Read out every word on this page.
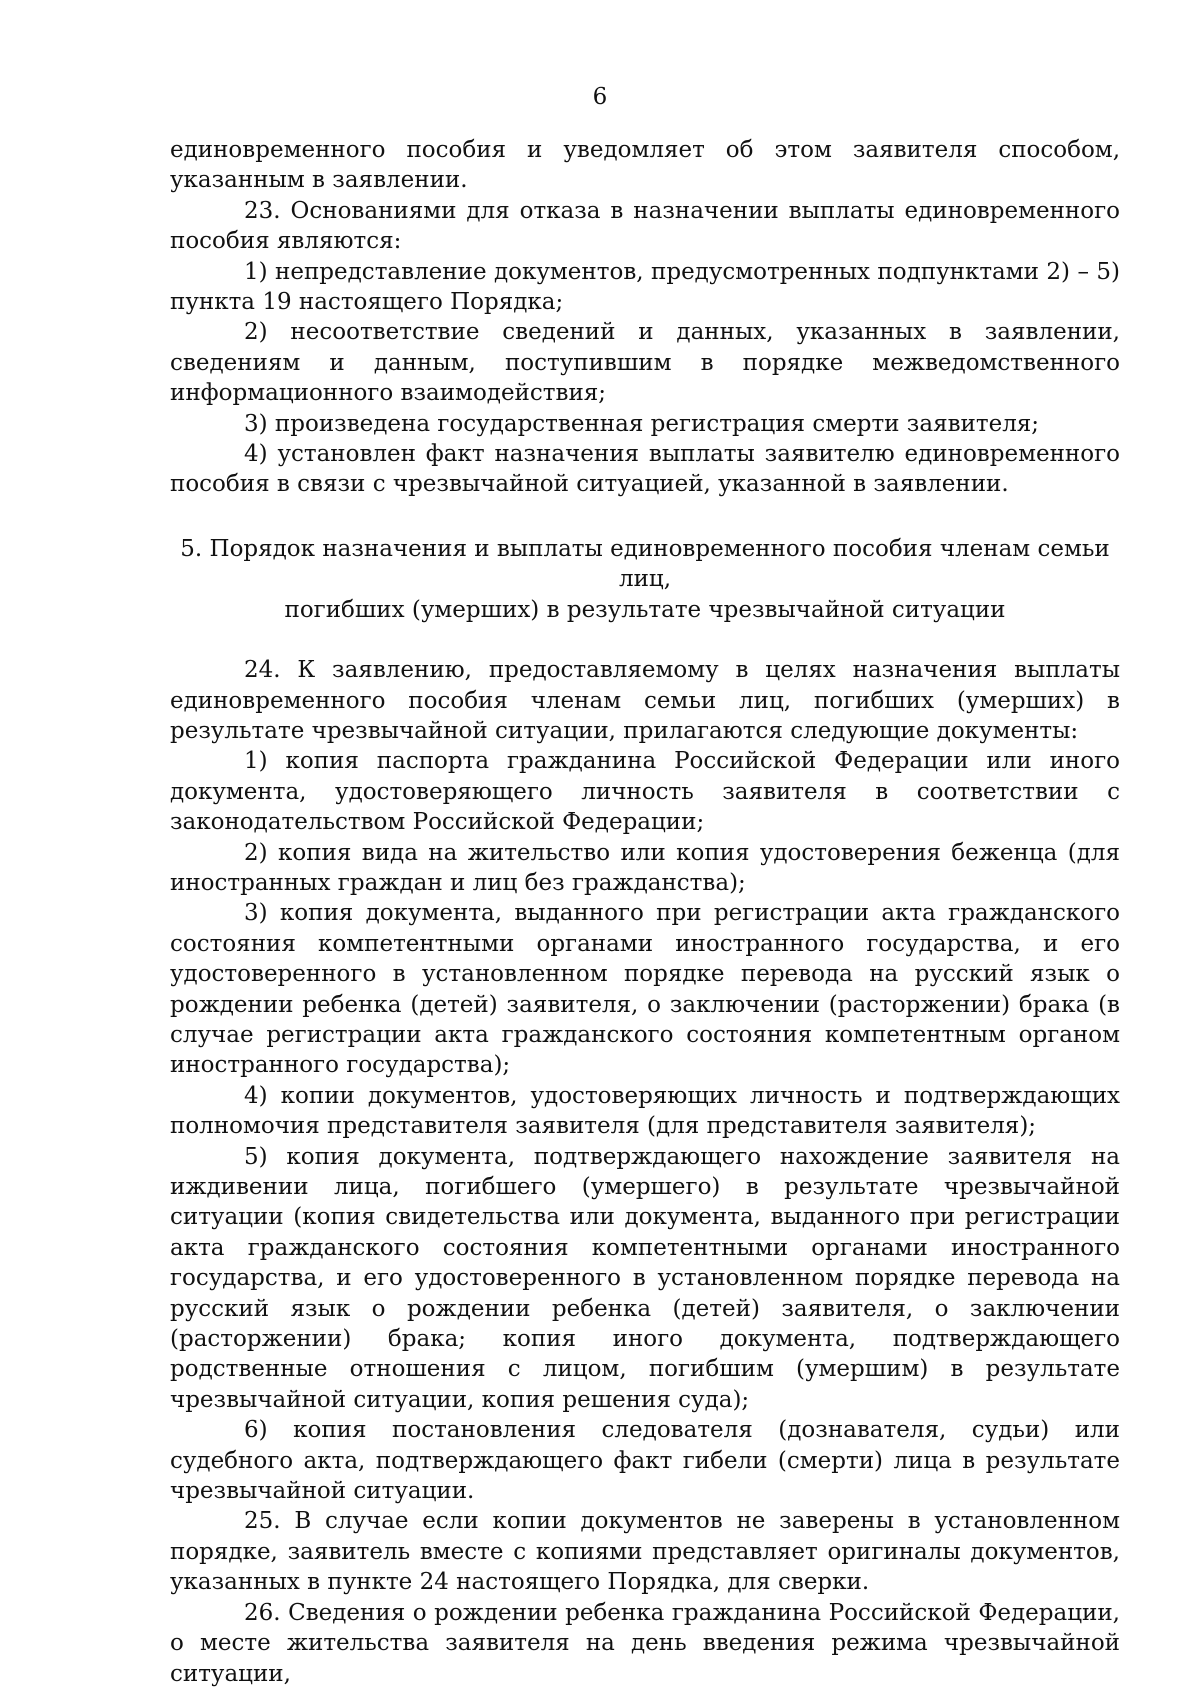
6

единовременного пособия и уведомляет об этом заявителя способом, указанным в заявлении.

23. Основаниями для отказа в назначении выплаты единовременного пособия являются:

1) непредставление документов, предусмотренных подпунктами 2) – 5) пункта 19 настоящего Порядка;

2) несоответствие сведений и данных, указанных в заявлении, сведениям и данным, поступившим в порядке межведомственного информационного взаимодействия;

3) произведена государственная регистрация смерти заявителя;

4) установлен факт назначения выплаты заявителю единовременного пособия в связи с чрезвычайной ситуацией, указанной в заявлении.

5. Порядок назначения и выплаты единовременного пособия членам семьи лиц,

погибших (умерших) в результате чрезвычайной ситуации

24. К заявлению, предоставляемому в целях назначения выплаты единовременного пособия членам семьи лиц, погибших (умерших) в результате чрезвычайной ситуации, прилагаются следующие документы:

1) копия паспорта гражданина Российской Федерации или иного документа, удостоверяющего личность заявителя в соответствии с законодательством Российской Федерации;

2) копия вида на жительство или копия удостоверения беженца (для иностранных граждан и лиц без гражданства);

3) копия документа, выданного при регистрации акта гражданского состояния компетентными органами иностранного государства, и его удостоверенного в установленном порядке перевода на русский язык о рождении ребенка (детей) заявителя, о заключении (расторжении) брака (в случае регистрации акта гражданского состояния компетентным органом иностранного государства);

4) копии документов, удостоверяющих личность и подтверждающих полномочия представителя заявителя (для представителя заявителя);

5) копия документа, подтверждающего нахождение заявителя на иждивении лица, погибшего (умершего) в результате чрезвычайной ситуации (копия свидетельства или документа, выданного при регистрации акта гражданского состояния компетентными органами иностранного государства, и его удостоверенного в установленном порядке перевода на русский язык о рождении ребенка (детей) заявителя, о заключении (расторжении) брака; копия иного документа, подтверждающего родственные отношения с лицом, погибшим (умершим) в результате чрезвычайной ситуации, копия решения суда);

6) копия постановления следователя (дознавателя, судьи) или судебного акта, подтверждающего факт гибели (смерти) лица в результате чрезвычайной ситуации.

25. В случае если копии документов не заверены в установленном порядке, заявитель вместе с копиями представляет оригиналы документов, указанных в пункте 24 настоящего Порядка, для сверки.

26. Сведения о рождении ребенка гражданина Российской Федерации, о месте жительства заявителя на день введения режима чрезвычайной ситуации,
